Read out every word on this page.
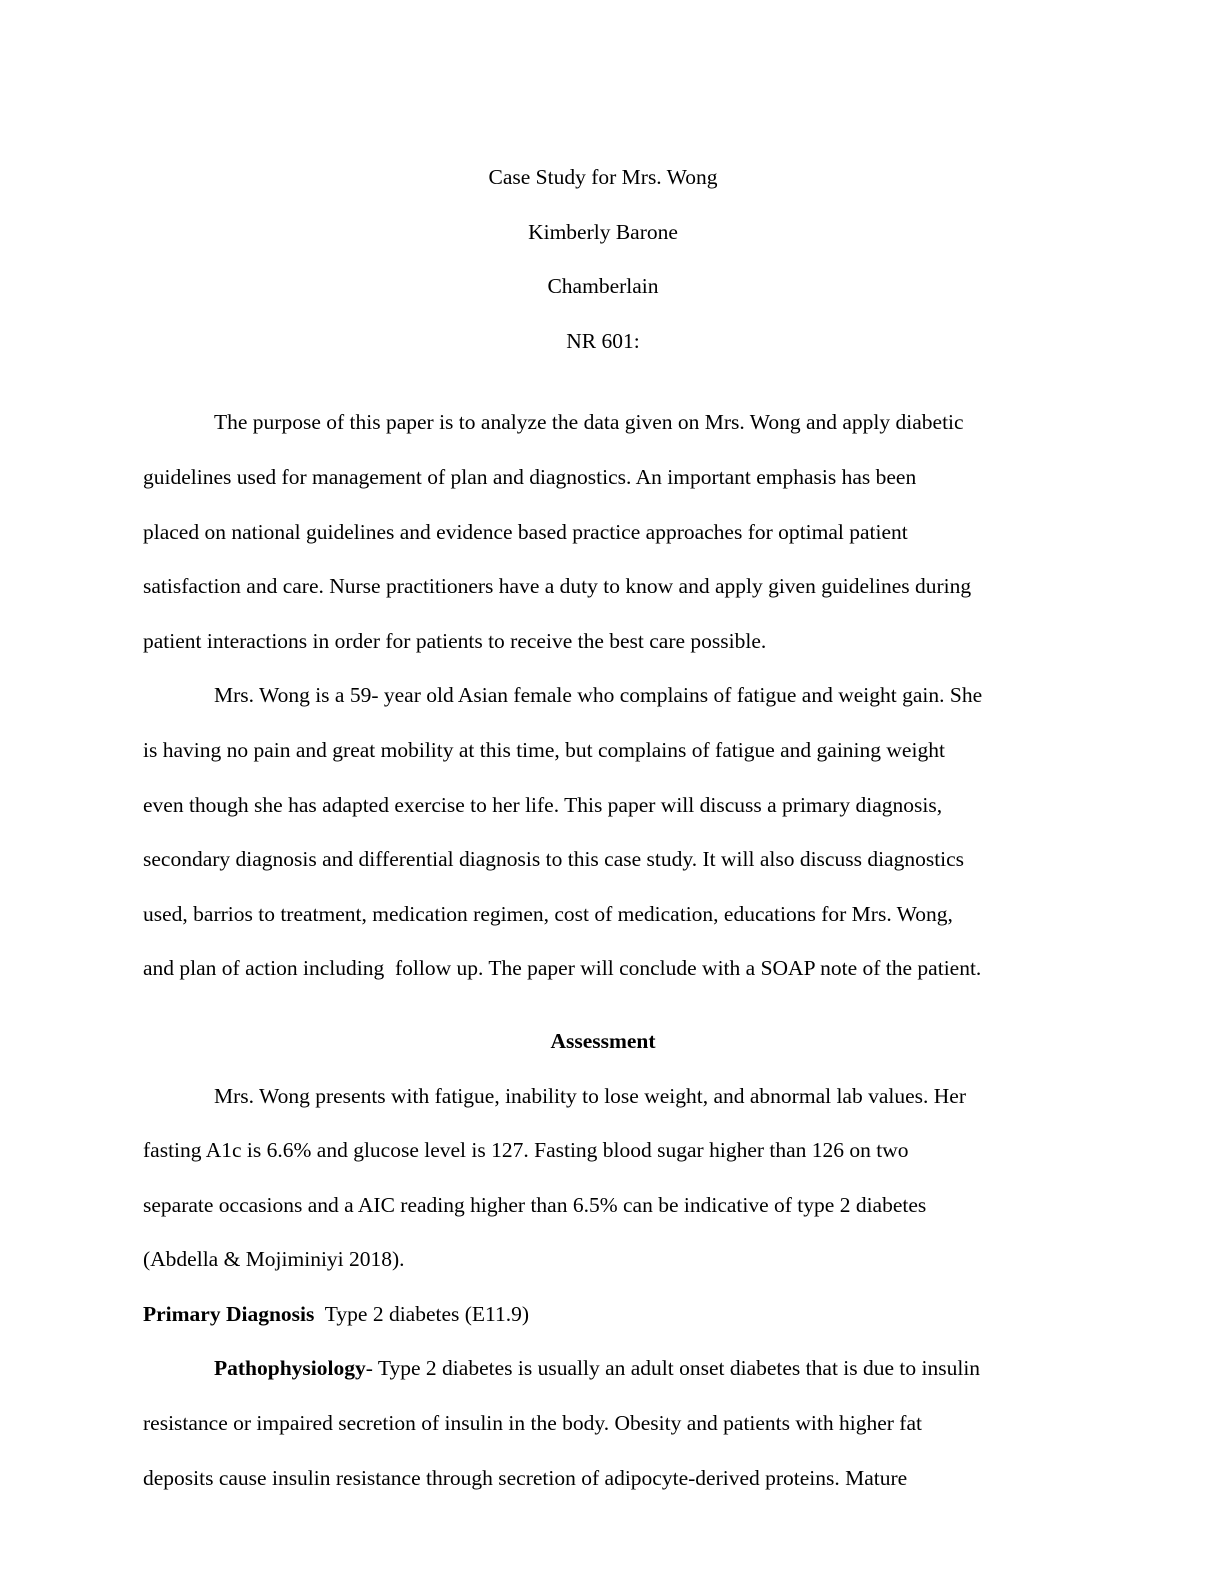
Case Study for Mrs. Wong

Kimberly Barone

Chamberlain

NR 601:

The purpose of this paper is to analyze the data given on Mrs. Wong and apply diabetic
guidelines used for management of plan and diagnostics. An important emphasis has been
placed on national guidelines and evidence based practice approaches for optimal patient
satisfaction and care. Nurse practitioners have a duty to know and apply given guidelines during
patient interactions in order for patients to receive the best care possible.
Mrs. Wong is a 59- year old Asian female who complains of fatigue and weight gain. She
is having no pain and great mobility at this time, but complains of fatigue and gaining weight
even though she has adapted exercise to her life. This paper will discuss a primary diagnosis,
secondary diagnosis and differential diagnosis to this case study. It will also discuss diagnostics
used, barrios to treatment, medication regimen, cost of medication, educations for Mrs. Wong,
and plan of action including  follow up. The paper will conclude with a SOAP note of the patient.

Assessment

Mrs. Wong presents with fatigue, inability to lose weight, and abnormal lab values. Her
fasting A1c is 6.6% and glucose level is 127. Fasting blood sugar higher than 126 on two
separate occasions and a AIC reading higher than 6.5% can be indicative of type 2 diabetes
(Abdella & Mojiminiyi 2018).
Primary Diagnosis  Type 2 diabetes (E11.9)
Pathophysiology- Type 2 diabetes is usually an adult onset diabetes that is due to insulin
resistance or impaired secretion of insulin in the body. Obesity and patients with higher fat
deposits cause insulin resistance through secretion of adipocyte-derived proteins. Mature
